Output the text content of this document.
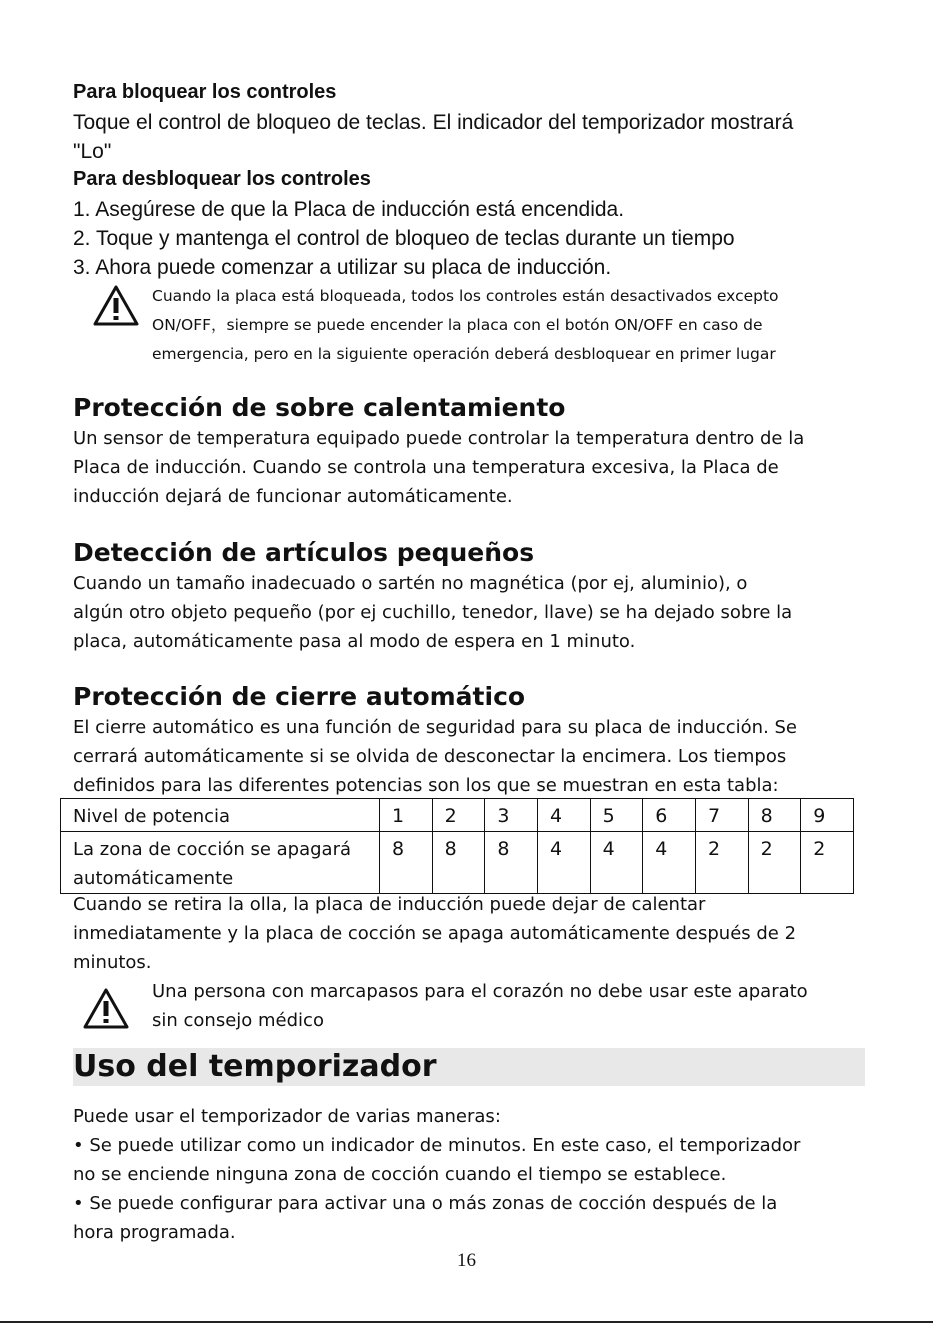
Para bloquear los controles
Toque el control de bloqueo de teclas. El indicador del temporizador mostrará
"Lo"
Para desbloquear los controles
1. Asegúrese de que la Placa de inducción está encendida.
2. Toque y mantenga el control de bloqueo de teclas durante un tiempo
3. Ahora puede comenzar a utilizar su placa de inducción.
Cuando la placa está bloqueada, todos los controles están desactivados excepto
ON/OFF，siempre se puede encender la placa con el botón ON/OFF en caso de
emergencia, pero en la siguiente operación deberá desbloquear en primer lugar
Protección de sobre calentamiento
Un sensor de temperatura equipado puede controlar la temperatura dentro de la
Placa de inducción. Cuando se controla una temperatura excesiva, la Placa de
inducción dejará de funcionar automáticamente.
Detección de artículos pequeños
Cuando un tamaño inadecuado o sartén no magnética (por ej, aluminio), o
algún otro objeto pequeño (por ej cuchillo, tenedor, llave) se ha dejado sobre la
placa, automáticamente pasa al modo de espera en 1 minuto.
Protección de cierre automático
El cierre automático es una función de seguridad para su placa de inducción. Se
cerrará automáticamente si se olvida de desconectar la encimera. Los tiempos
definidos para las diferentes potencias son los que se muestran en esta tabla:
Nivel de potencia	1	2	3	4	5	6	7	8	9
La zona de cocción se apagará automáticamente	8	8	8	4	4	4	2	2	2
Cuando se retira la olla, la placa de inducción puede dejar de calentar
inmediatamente y la placa de cocción se apaga automáticamente después de 2
minutos.
Una persona con marcapasos para el corazón no debe usar este aparato
sin consejo médico
Uso del temporizador
Puede usar el temporizador de varias maneras:
• Se puede utilizar como un indicador de minutos. En este caso, el temporizador
no se enciende ninguna zona de cocción cuando el tiempo se establece.
• Se puede configurar para activar una o más zonas de cocción después de la
hora programada.
16
